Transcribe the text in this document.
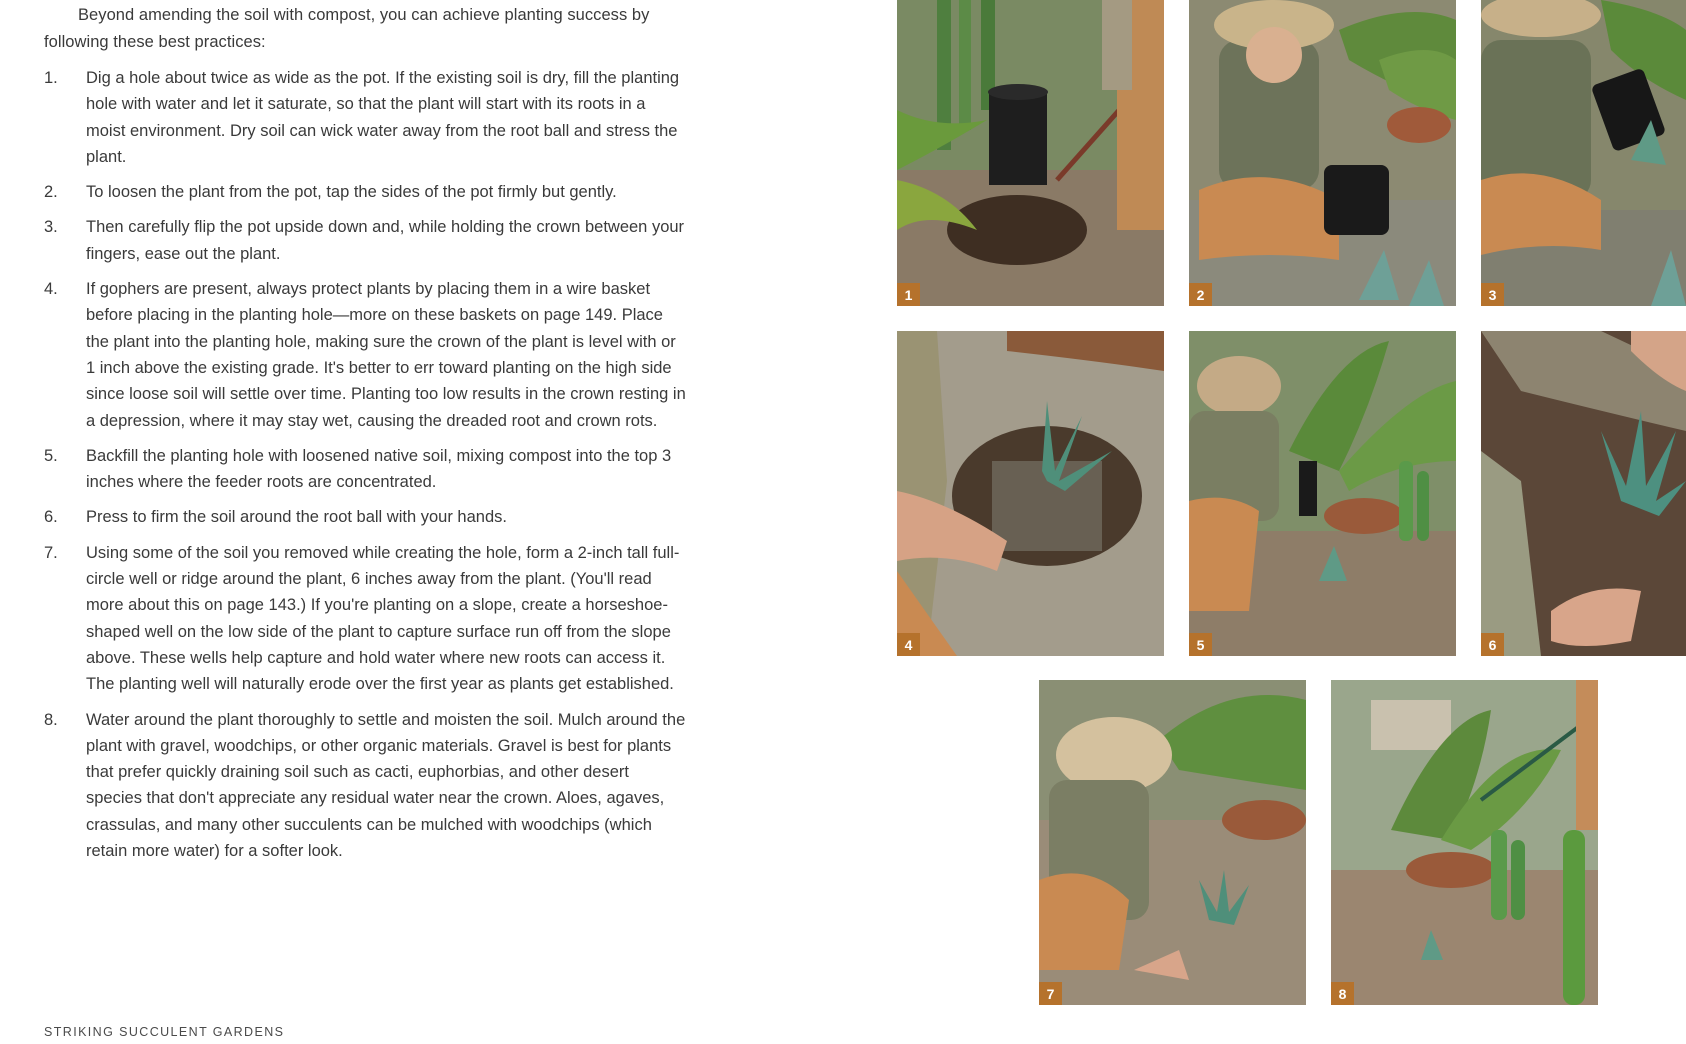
Beyond amending the soil with compost, you can achieve planting success by following these best practices:

1.	Dig a hole about twice as wide as the pot. If the existing soil is dry, fill the planting hole with water and let it saturate, so that the plant will start with its roots in a moist environment. Dry soil can wick water away from the root ball and stress the plant.
2.	To loosen the plant from the pot, tap the sides of the pot firmly but gently.
3.	Then carefully flip the pot upside down and, while holding the crown between your fingers, ease out the plant.
4.	If gophers are present, always protect plants by placing them in a wire basket before placing in the planting hole—more on these baskets on page 149. Place the plant into the planting hole, making sure the crown of the plant is level with or 1 inch above the existing grade. It's better to err toward planting on the high side since loose soil will settle over time. Planting too low results in the crown resting in a depression, where it may stay wet, causing the dreaded root and crown rots.
5.	Backfill the planting hole with loosened native soil, mixing compost into the top 3 inches where the feeder roots are concentrated.
6.	Press to firm the soil around the root ball with your hands.
7.	Using some of the soil you removed while creating the hole, form a 2-inch tall full-circle well or ridge around the plant, 6 inches away from the plant. (You'll read more about this on page 143.) If you're planting on a slope, create a horseshoe-shaped well on the low side of the plant to capture surface run off from the slope above. These wells help capture and hold water where new roots can access it. The planting well will naturally erode over the first year as plants get established.
8.	Water around the plant thoroughly to settle and moisten the soil. Mulch around the plant with gravel, woodchips, or other organic materials. Gravel is best for plants that prefer quickly draining soil such as cacti, euphorbias, and other desert species that don't appreciate any residual water near the crown. Aloes, agaves, crassulas, and many other succulents can be mulched with woodchips (which retain more water) for a softer look.
STRIKING SUCCULENT GARDENS
1	2	3
4	5	6
7	8
